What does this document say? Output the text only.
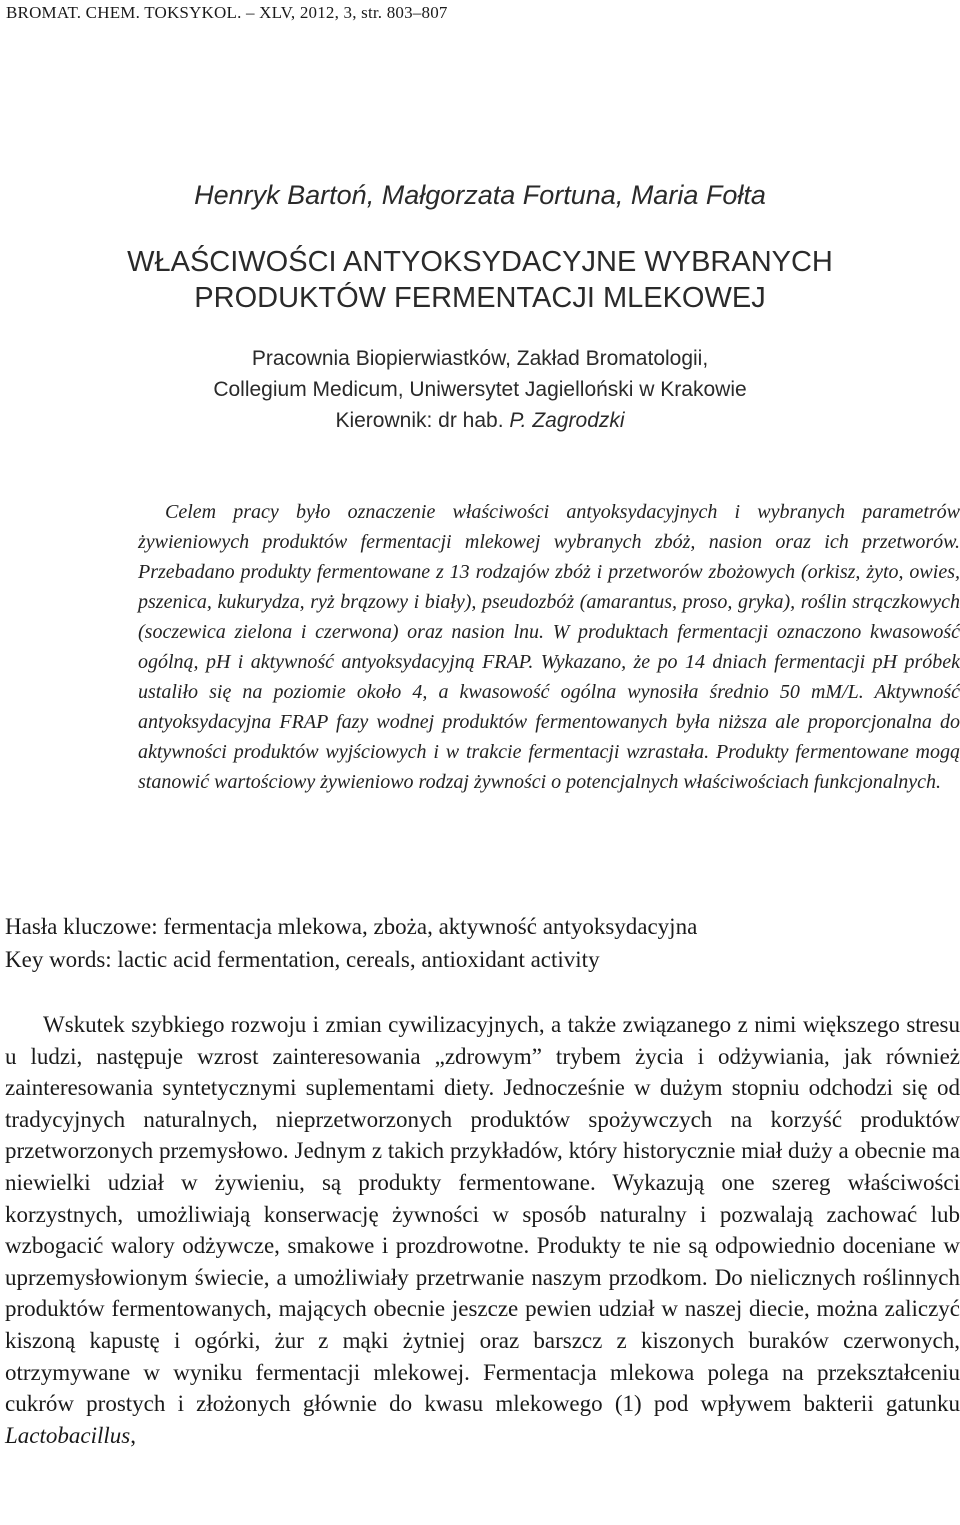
BROMAT. CHEM. TOKSYKOL. – XLV, 2012, 3, str. 803–807
Henryk Bartoń, Małgorzata Fortuna, Maria Fołta
WŁAŚCIWOŚCI ANTYOKSYDACYJNE WYBRANYCH
PRODUKTÓW FERMENTACJI MLEKOWEJ
Pracownia Biopierwiastków, Zakład Bromatologii,
Collegium Medicum, Uniwersytet Jagielloński w Krakowie
Kierownik: dr hab. P. Zagrodzki

Celem pracy było oznaczenie właściwości antyoksydacyjnych i wybranych parametrów żywieniowych produktów fermentacji mlekowej wybranych zbóż, nasion oraz ich przetworów. Przebadano produkty fermentowane z 13 rodzajów zbóż i przetworów zbożowych (orkisz, żyto, owies, pszenica, kukurydza, ryż brązowy i biały), pseudozbóż (amarantus, proso, gryka), roślin strączkowych (soczewica zielona i czerwona) oraz nasion lnu. W produktach fermentacji oznaczono kwasowość ogólną, pH i aktywność antyoksydacyjną FRAP. Wykazano, że po 14 dniach fermentacji pH próbek ustaliło się na poziomie około 4, a kwasowość ogólna wynosiła średnio 50 mM/L. Aktywność antyoksydacyjna FRAP fazy wodnej produktów fermentowanych była niższa ale proporcjonalna do aktywności produktów wyjściowych i w trakcie fermentacji wzrastała. Produkty fermentowane mogą stanowić wartościowy żywieniowo rodzaj żywności o potencjalnych właściwościach funkcjonalnych.

Hasła kluczowe: fermentacja mlekowa, zboża, aktywność antyoksydacyjna
Key words: lactic acid fermentation, cereals, antioxidant activity

Wskutek szybkiego rozwoju i zmian cywilizacyjnych, a także związanego z nimi większego stresu u ludzi, następuje wzrost zainteresowania „zdrowym” trybem życia i odżywiania, jak również zainteresowania syntetycznymi suplementami diety. Jednocześnie w dużym stopniu odchodzi się od tradycyjnych naturalnych, nieprzetworzonych produktów spożywczych na korzyść produktów przetworzonych przemysłowo. Jednym z takich przykładów, który historycznie miał duży a obecnie ma niewielki udział w żywieniu, są produkty fermentowane. Wykazują one szereg właściwości korzystnych, umożliwiają konserwację żywności w sposób naturalny i pozwalają zachować lub wzbogacić walory odżywcze, smakowe i prozdrowotne. Produkty te nie są odpowiednio doceniane w uprzemysłowionym świecie, a umożliwiały przetrwanie naszym przodkom. Do nielicznych roślinnych produktów fermentowanych, mających obecnie jeszcze pewien udział w naszej diecie, można zaliczyć kiszoną kapustę i ogórki, żur z mąki żytniej oraz barszcz z kiszonych buraków czerwonych, otrzymywane w wyniku fermentacji mlekowej. Fermentacja mlekowa polega na przekształceniu cukrów prostych i złożonych głównie do kwasu mlekowego (1) pod wpływem bakterii gatunku Lactobacillus,
